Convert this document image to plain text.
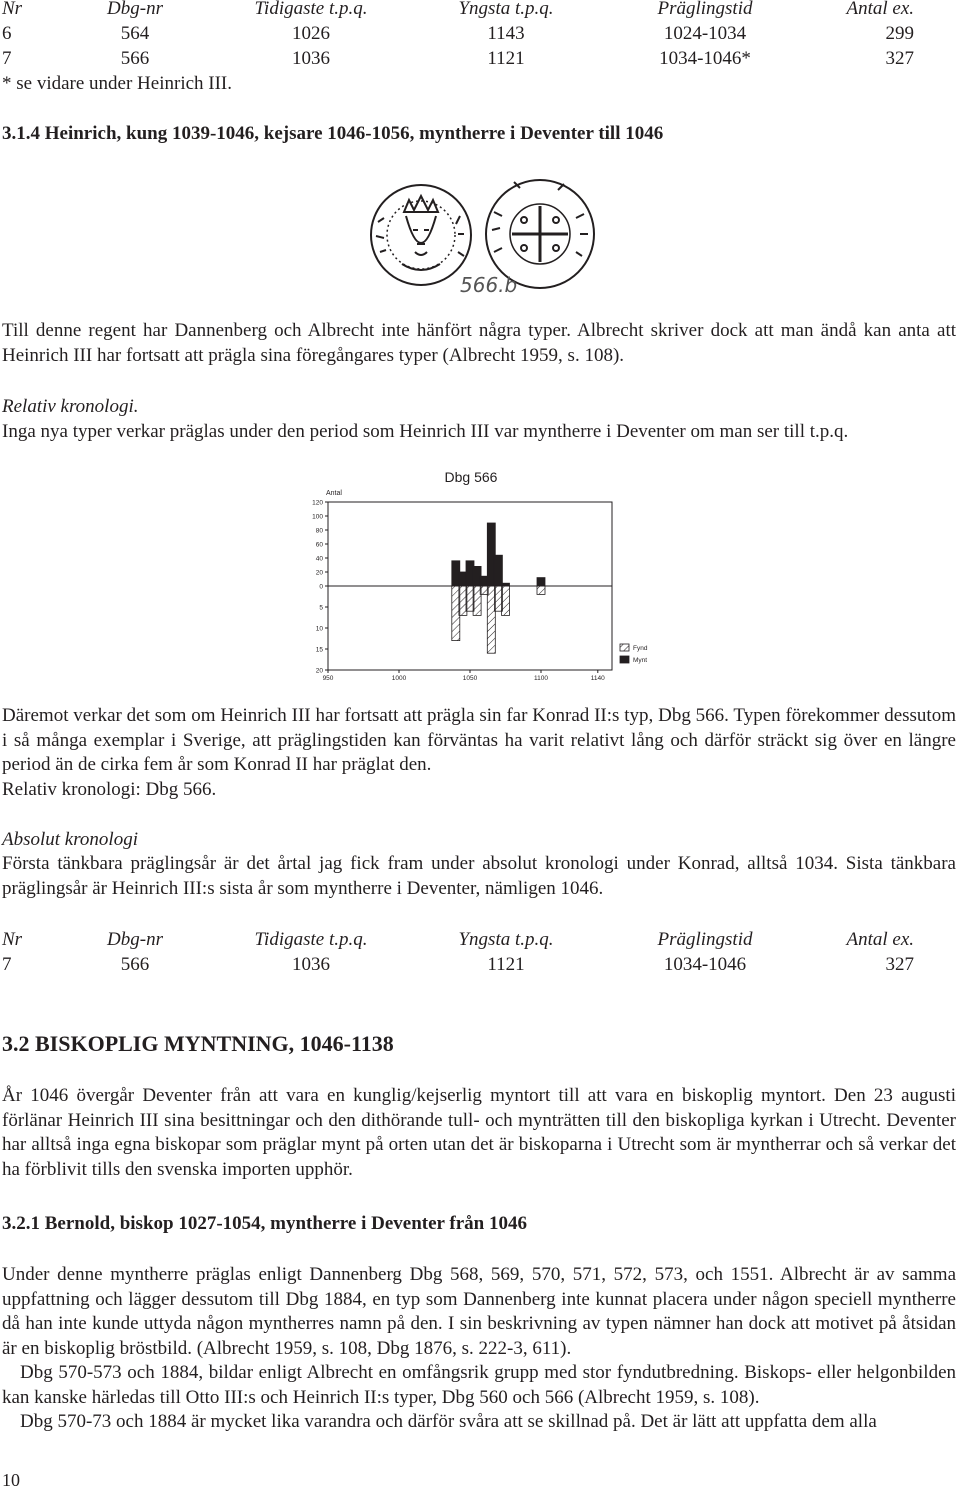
Nr	Dbg-nr	Tidigaste t.p.q.	Yngsta t.p.q.	Präglingstid	Antal ex.
6	564	1026	1143	1024-1034	299
7	566	1036	1121	1034-1046*	327
* se vidare under Heinrich III.
3.1.4 Heinrich, kung 1039-1046, kejsare 1046-1056, myntherre i Deventer till 1046
566.b

Till denne regent har Dannenberg och Albrecht inte hänfört några typer. Albrecht skriver dock att man ändå kan anta att Heinrich III har fortsatt att prägla sina föregångares typer (Albrecht 1959, s. 108).

Relativ kronologi.

Inga nya typer verkar präglas under den period som Heinrich III var myntherre i Deventer om man ser till t.p.q.

Dbg 566
Antal
0
20
40
60
80
100
120
5
10
15
20
950	1000	1050	1100	1140
Fynd
Mynt

Däremot verkar det som om Heinrich III har fortsatt att prägla sin far Konrad II:s typ, Dbg 566. Typen förekommer dessutom i så många exemplar i Sverige, att präglingstiden kan förväntas ha varit relativt lång och därför sträckt sig över en längre period än de cirka fem år som Konrad II har präglat den.

Relativ kronologi: Dbg 566.
Absolut kronologi

Första tänkbara präglingsår är det årtal jag fick fram under absolut kronologi under Konrad, alltså 1034. Sista tänkbara präglingsår är Heinrich III:s sista år som myntherre i Deventer, nämligen 1046.

Nr	Dbg-nr	Tidigaste t.p.q.	Yngsta t.p.q.	Präglingstid	Antal ex.
7	566	1036	1121	1034-1046	327
3.2 BISKOPLIG MYNTNING, 1046-1138

År 1046 övergår Deventer från att vara en kunglig/kejserlig myntort till att vara en biskoplig myntort. Den 23 augusti förlänar Heinrich III sina besittningar och den dithörande tull- och mynträtten till den biskopliga kyrkan i Utrecht. Deventer har alltså inga egna biskopar som präglar mynt på orten utan det är biskoparna i Utrecht som är myntherrar och så verkar det ha förblivit tills den svenska importen upphör.

3.2.1 Bernold, biskop 1027-1054, myntherre i Deventer från 1046

Under denne myntherre präglas enligt Dannenberg Dbg 568, 569, 570, 571, 572, 573, och 1551. Albrecht är av samma uppfattning och lägger dessutom till Dbg 1884, en typ som Dannenberg inte kunnat placera under någon speciell myntherre då han inte kunde uttyda någon myntherres namn på den. I sin beskrivning av typen nämner han dock att motivet på åtsidan är en biskoplig bröstbild. (Albrecht 1959, s. 108, Dbg 1876, s. 222-3, 611).

Dbg 570-573 och 1884, bildar enligt Albrecht en omfångsrik grupp med stor fyndutbredning. Biskops- eller helgonbilden kan kanske härledas till Otto III:s och Heinrich II:s typer, Dbg 560 och 566 (Albrecht 1959, s. 108).

Dbg 570-73 och 1884 är mycket lika varandra och därför svåra att se skillnad på. Det är lätt att uppfatta dem alla

10
